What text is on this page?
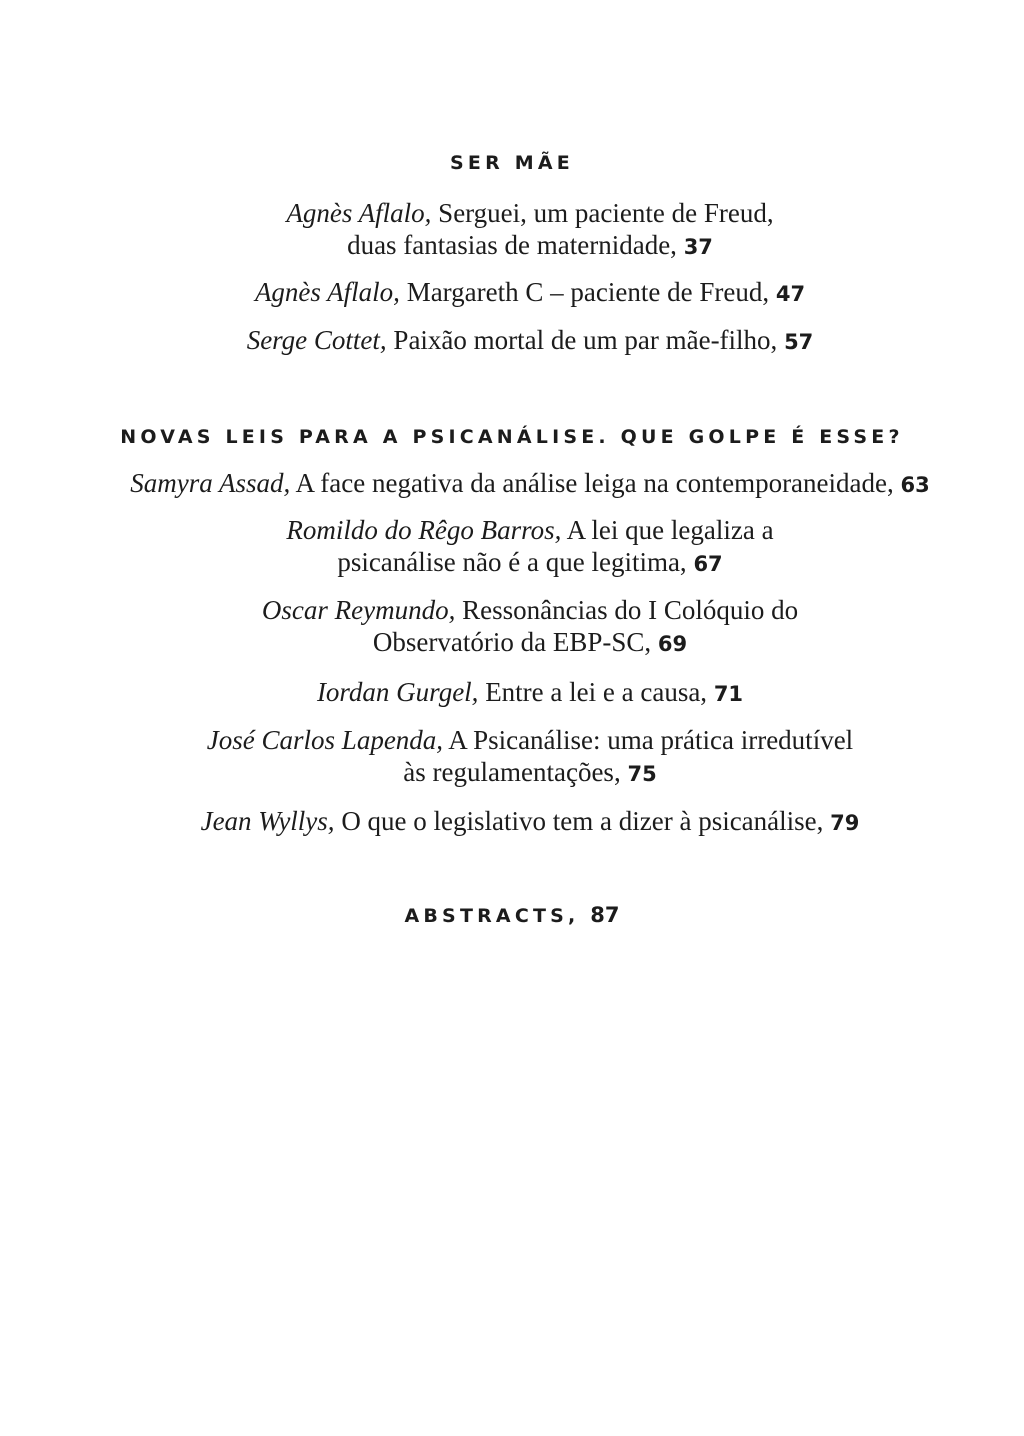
SER MÃE
Agnès Aflalo, Serguei, um paciente de Freud,
duas fantasias de maternidade, 37
Agnès Aflalo, Margareth C – paciente de Freud, 47
Serge Cottet, Paixão mortal de um par mãe-filho, 57
NOVAS LEIS PARA A PSICANÁLISE. QUE GOLPE É ESSE?
Samyra Assad, A face negativa da análise leiga na contemporaneidade, 63
Romildo do Rêgo Barros, A lei que legaliza a
psicanálise não é a que legitima, 67
Oscar Reymundo, Ressonâncias do I Colóquio do
Observatório da EBP-SC, 69
Iordan Gurgel, Entre a lei e a causa, 71
José Carlos Lapenda, A Psicanálise: uma prática irredutível
às regulamentações, 75
Jean Wyllys, O que o legislativo tem a dizer à psicanálise, 79
ABSTRACTS, 87
